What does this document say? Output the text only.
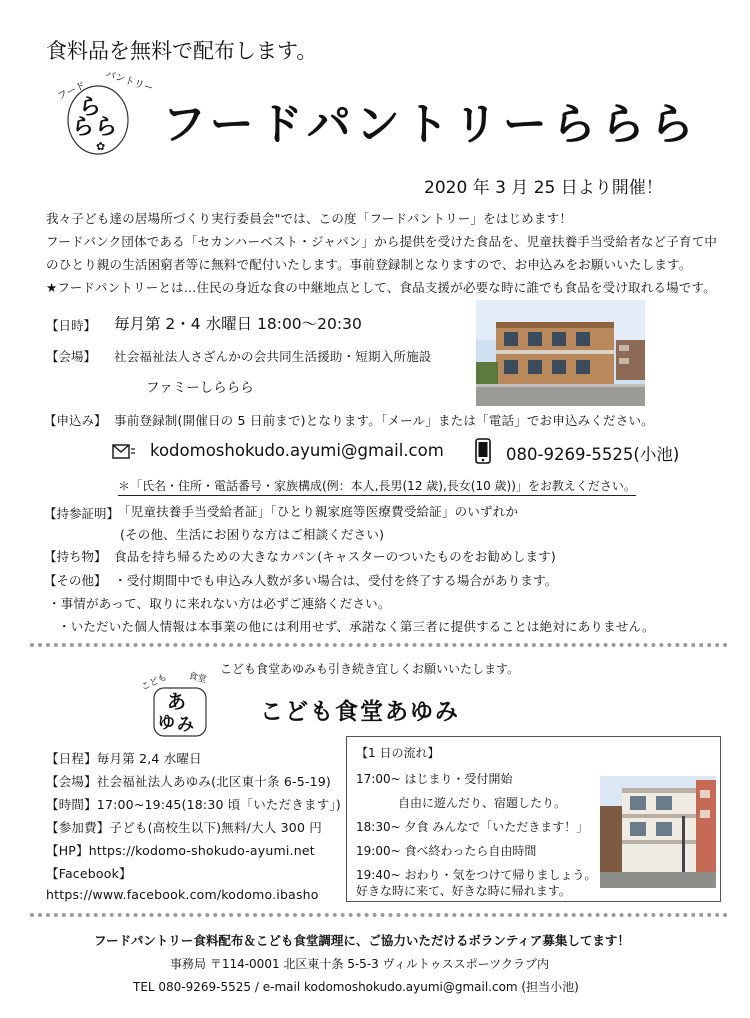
食料品を無料で配布します。
フード パントリー
ら
ら ら
✿ フードパントリーららら
2020 年 3 月 25 日より開催！
我々子ども達の居場所づくり実行委員会"では、この度「フードパントリー」をはじめます！
フードバンク団体である「セカンハーベスト・ジャパン」から提供を受けた食品を、児童扶養手当受給者など子育て中
のひとり親の生活困窮者等に無料で配付いたします。事前登録制となりますので、お申込みをお願いいたします。
★フードパントリーとは…住民の身近な食の中継地点として、食品支援が必要な時に誰でも食品を受け取れる場です。
【日時】 毎月第 2・4 水曜日 18:00～20:30
【会場】 社会福祉法人さざんかの会共同生活援助・短期入所施設
ファミーしららら
【申込み】 事前登録制(開催日の 5 日前まで)となります。「メール」または「電話」でお申込みください。
kodomoshokudo.ayumi@gmail.com	080-9269-5525(小池)
＊「氏名・住所・電話番号・家族構成(例：本人,長男(12 歳),長女(10 歳))」をお教えください。
【持参証明】
「児童扶養手当受給者証」「ひとり親家庭等医療費受給証」のいずれか
(その他、生活にお困りな方はご相談ください)
【持ち物】 食品を持ち帰るための大きなカバン(キャスターのついたものをお勧めします)
【その他】 ・受付期間中でも申込み人数が多い場合は、受付を終了する場合があります。
・事情があって、取りに来れない方は必ずご連絡ください。
・いただいた個人情報は本事業の他には利用せず、承諾なく第三者に提供することは絶対にありません。
こども食堂あゆみも引き続き宜しくお願いいたします。
こども 食堂
あ
ゆ み	こども食堂あゆみ
【日程】毎月第 2,4 水曜日
【会場】社会福祉法人あゆみ(北区東十条 6-5-19)
【時間】17:00~19:45(18:30 頃「いただきます」)
【参加費】子ども(高校生以下)無料/大人 300 円
【HP】https://kodomo-shokudo-ayumi.net
【Facebook】
https://www.facebook.com/kodomo.ibasho
【1 日の流れ】
17:00~ はじまり・受付開始
自由に遊んだり、宿題したり。
18:30~ 夕食 みんなで「いただきます！」
19:00~ 食べ終わったら自由時間
19:40~ おわり・気をつけて帰りましょう。
好きな時に来て、好きな時に帰れます。
フードパントリー食料配布＆こども食堂調理に、ご協力いただけるボランティア募集してます！
事務局 〒114-0001 北区東十条 5-5-3 ヴィルトゥススポーツクラブ内
TEL 080-9269-5525 / e-mail kodomoshokudo.ayumi@gmail.com (担当小池)
